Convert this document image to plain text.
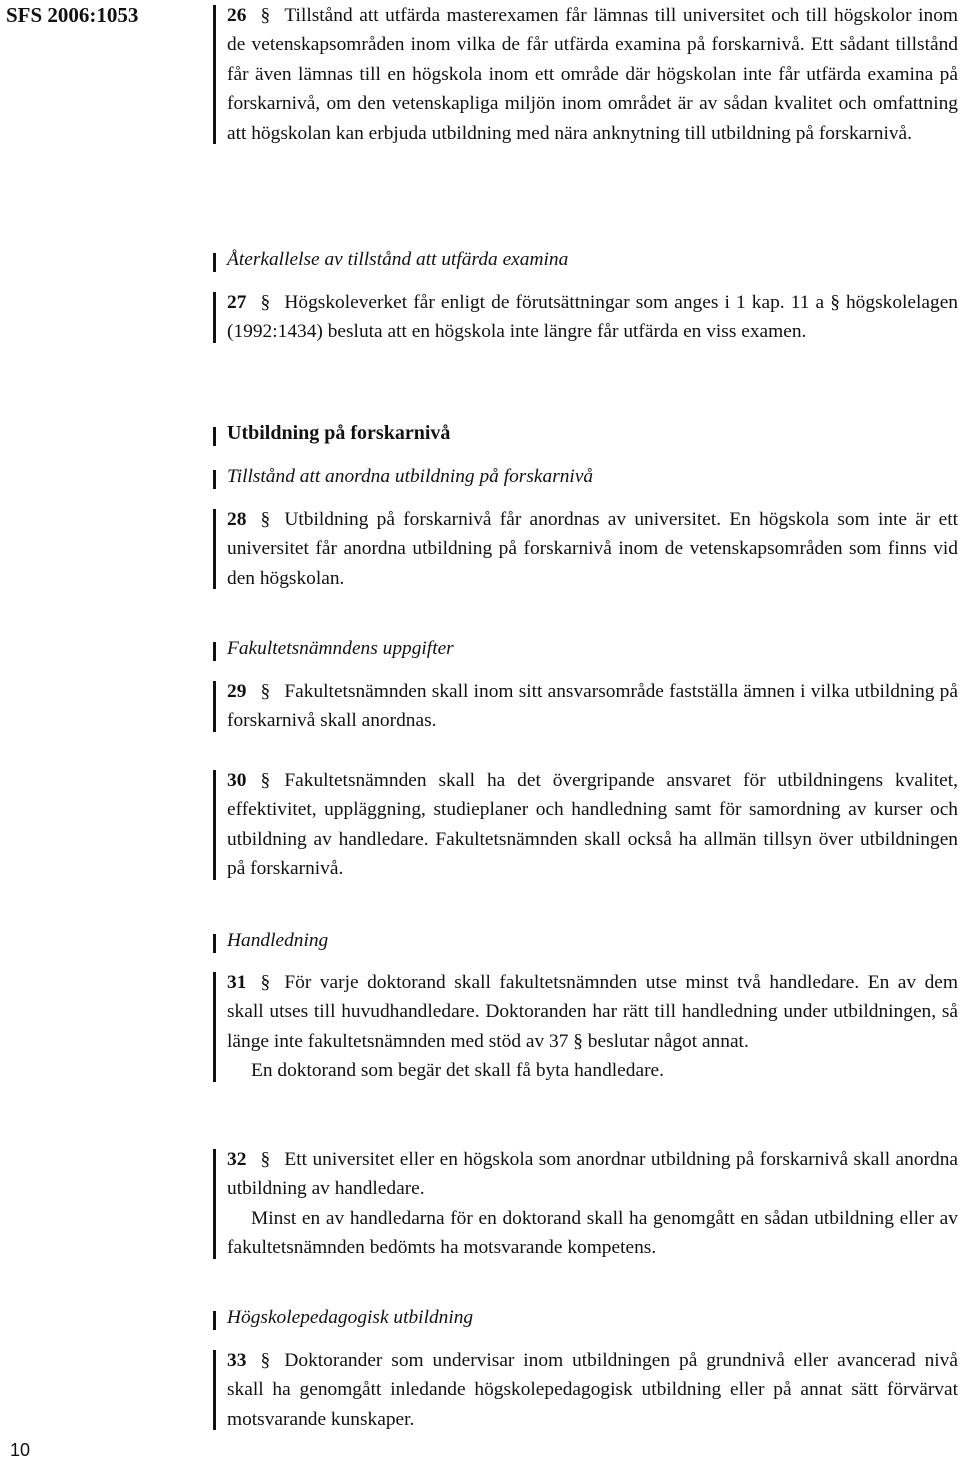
SFS 2006:1053
10

26 § Tillstånd att utfärda masterexamen får lämnas till universitet och till högskolor inom de vetenskapsområden inom vilka de får utfärda examina på forskarnivå. Ett sådant tillstånd får även lämnas till en högskola inom ett område där högskolan inte får utfärda examina på forskarnivå, om den vetenskapliga miljön inom området är av sådan kvalitet och omfattning att högskolan kan erbjuda utbildning med nära anknytning till utbildning på forskarnivå.

Återkallelse av tillstånd att utfärda examina

27 § Högskoleverket får enligt de förutsättningar som anges i 1 kap. 11 a § högskolelagen (1992:1434) besluta att en högskola inte längre får utfärda en viss examen.

Utbildning på forskarnivå

Tillstånd att anordna utbildning på forskarnivå

28 § Utbildning på forskarnivå får anordnas av universitet. En högskola som inte är ett universitet får anordna utbildning på forskarnivå inom de vetenskapsområden som finns vid den högskolan.

Fakultetsnämndens uppgifter

29 § Fakultetsnämnden skall inom sitt ansvarsområde fastställa ämnen i vilka utbildning på forskarnivå skall anordnas.

30 § Fakultetsnämnden skall ha det övergripande ansvaret för utbildningens kvalitet, effektivitet, uppläggning, studieplaner och handledning samt för samordning av kurser och utbildning av handledare. Fakultetsnämnden skall också ha allmän tillsyn över utbildningen på forskarnivå.

Handledning

31 § För varje doktorand skall fakultetsnämnden utse minst två handledare. En av dem skall utses till huvudhandledare. Doktoranden har rätt till handledning under utbildningen, så länge inte fakultetsnämnden med stöd av 37 § beslutar något annat.

En doktorand som begär det skall få byta handledare.

32 § Ett universitet eller en högskola som anordnar utbildning på forskarnivå skall anordna utbildning av handledare.

Minst en av handledarna för en doktorand skall ha genomgått en sådan utbildning eller av fakultetsnämnden bedömts ha motsvarande kompetens.

Högskolepedagogisk utbildning

33 § Doktorander som undervisar inom utbildningen på grundnivå eller avancerad nivå skall ha genomgått inledande högskolepedagogisk utbildning eller på annat sätt förvärvat motsvarande kunskaper.
